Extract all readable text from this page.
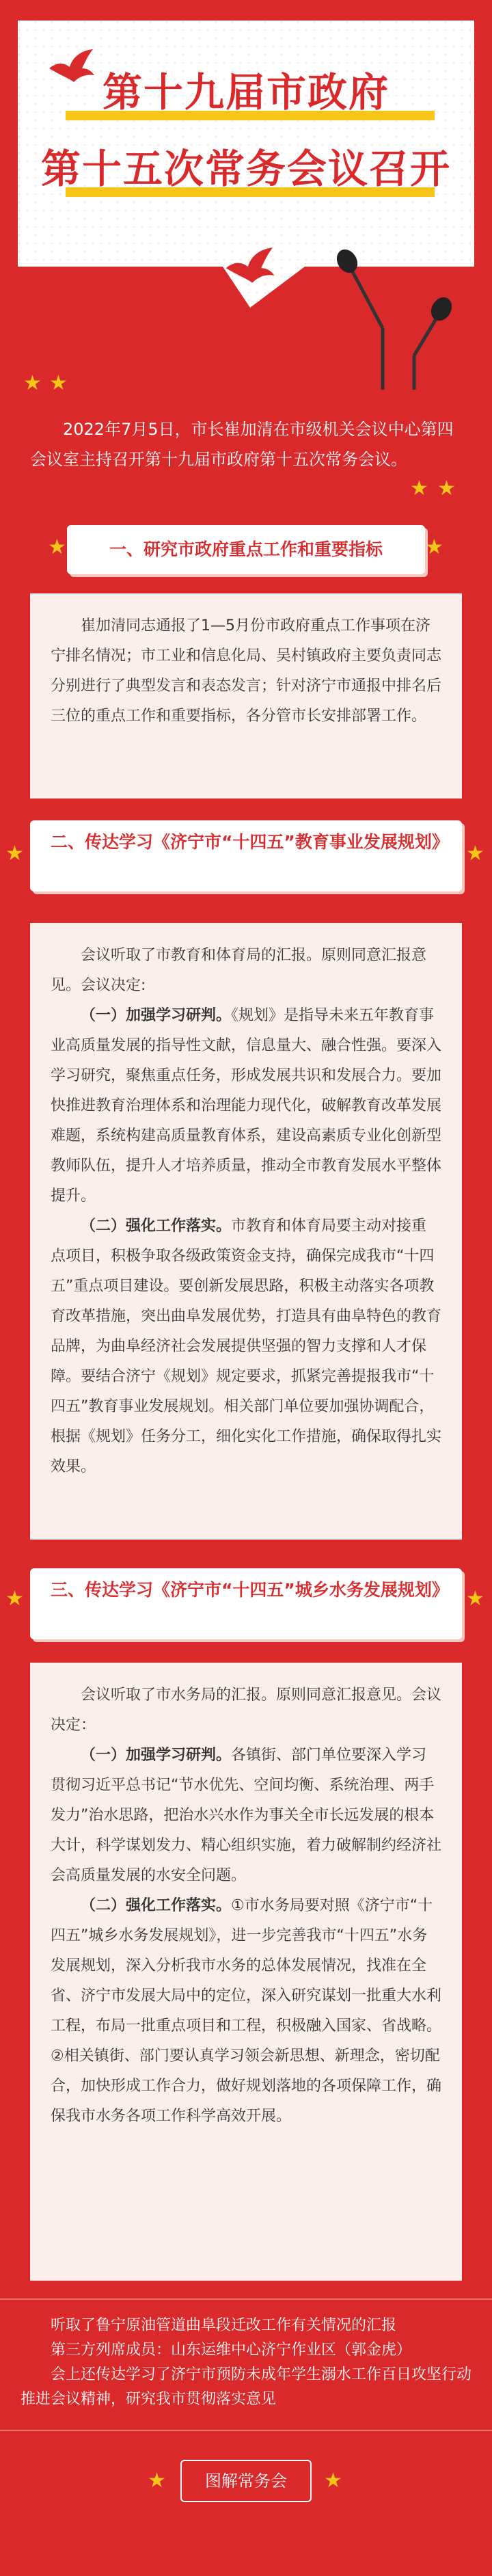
第十九届市政府
第十五次常务会议召开
★ ★
★ ★
★	★
★	★
★	★
★	★

2022年7月5日，市长崔加清在市级机关会议中心第四会议室主持召开第十九届市政府第十五次常务会议。

一、研究市政府重点工作和重要指标

崔加清同志通报了1—5月份市政府重点工作事项在济宁排名情况；市工业和信息化局、吴村镇政府主要负责同志分别进行了典型发言和表态发言；针对济宁市通报中排名后三位的重点工作和重要指标，各分管市长安排部署工作。

二、传达学习《济宁市“十四五”教育事业发展规划》

会议听取了市教育和体育局的汇报。原则同意汇报意见。会议决定:

（一）加强学习研判。《规划》是指导未来五年教育事业高质量发展的指导性文献，信息量大、融合性强。要深入学习研究，聚焦重点任务，形成发展共识和发展合力。要加快推进教育治理体系和治理能力现代化，破解教育改革发展难题，系统构建高质量教育体系，建设高素质专业化创新型教师队伍，提升人才培养质量，推动全市教育发展水平整体提升。

（二）强化工作落实。市教育和体育局要主动对接重点项目，积极争取各级政策资金支持，确保完成我市“十四五”重点项目建设。要创新发展思路，积极主动落实各项教育改革措施，突出曲阜发展优势，打造具有曲阜特色的教育品牌，为曲阜经济社会发展提供坚强的智力支撑和人才保障。要结合济宁《规划》规定要求，抓紧完善提报我市“十四五”教育事业发展规划。相关部门单位要加强协调配合，根据《规划》任务分工，细化实化工作措施，确保取得扎实效果。

三、传达学习《济宁市“十四五”城乡水务发展规划》

会议听取了市水务局的汇报。原则同意汇报意见。会议决定：

（一）加强学习研判。各镇街、部门单位要深入学习贯彻习近平总书记“节水优先、空间均衡、系统治理、两手发力”治水思路，把治水兴水作为事关全市长远发展的根本大计，科学谋划发力、精心组织实施，着力破解制约经济社会高质量发展的水安全问题。

（二）强化工作落实。①市水务局要对照《济宁市“十四五”城乡水务发展规划》，进一步完善我市“十四五”水务发展规划，深入分析我市水务的总体发展情况，找准在全省、济宁市发展大局中的定位，深入研究谋划一批重大水利工程，布局一批重点项目和工程，积极融入国家、省战略。②相关镇街、部门要认真学习领会新思想、新理念，密切配合，加快形成工作合力，做好规划落地的各项保障工作，确保我市水务各项工作科学高效开展。

听取了鲁宁原油管道曲阜段迁改工作有关情况的汇报

第三方列席成员：山东运维中心济宁作业区（郭金虎）

会上还传达学习了济宁市预防未成年学生溺水工作百日攻坚行动推进会议精神，研究我市贯彻落实意见

图解常务会
